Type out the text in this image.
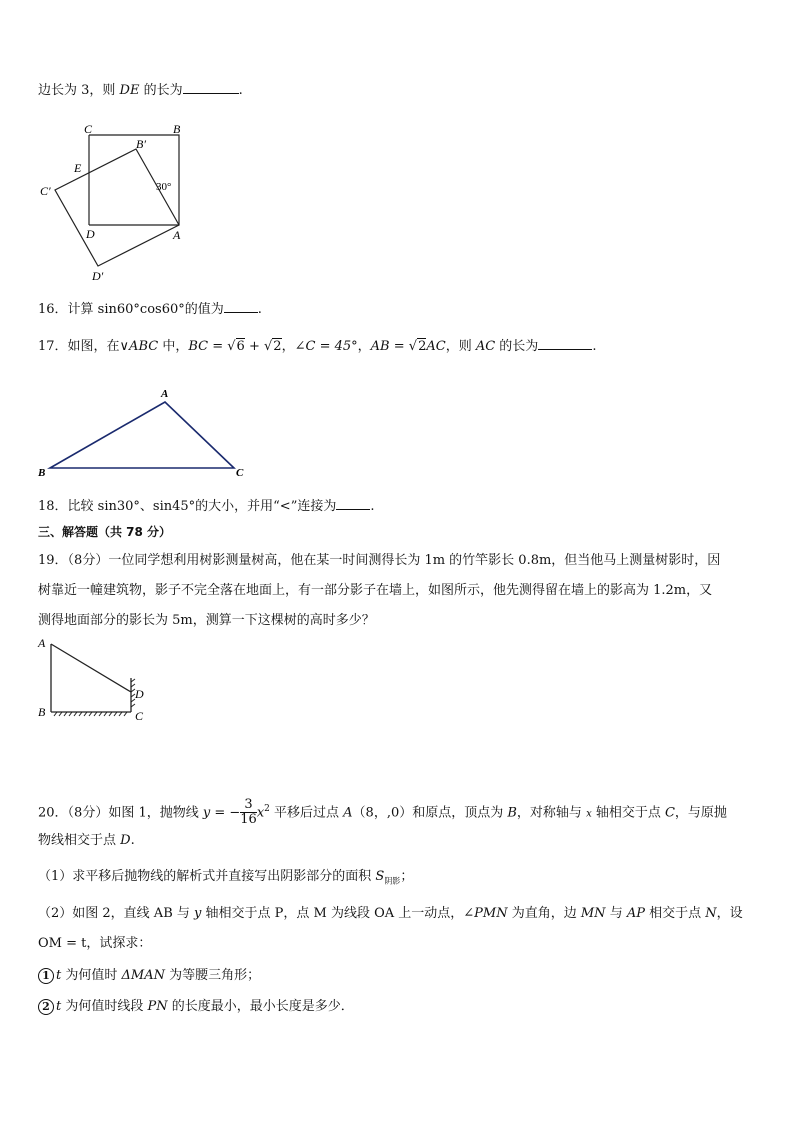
边长为 3，则 DE 的长为	.
C	B
B′
E
30°
C′
D	A
D′
16．计算 sin60°cos60°的值为	.
17．如图，在∨ABC 中，BC = √6 + √2，∠C = 45°，AB = √2AC，则 AC 的长为	.
A
B	C
18．比较 sin30°、sin45°的大小，并用“<”连接为	.
三、解答题（共 78 分）
19．（8分）一位同学想利用树影测量树高，他在某一时间测得长为 1m 的竹竿影长 0.8m，但当他马上测量树影时，因
树靠近一幢建筑物，影子不完全落在地面上，有一部分影子在墙上，如图所示，他先测得留在墙上的影高为 1.2m，又
测得地面部分的影长为 5m，测算一下这棵树的高时多少？
A
B	C
D
20．（8分）如图 1，抛物线 y = − $\frac{3}{16} x^2$ 平移后过点 A（8，,0）和原点，顶点为 B，对称轴与 x 轴相交于点 C，与原抛
物线相交于点 D.
（1）求平移后抛物线的解析式并直接写出阴影部分的面积 $S_{阴影}$；
（2）如图 2，直线 AB 与 y 轴相交于点 P，点 M 为线段 OA 上一动点，∠PMN 为直角，边 MN 与 AP 相交于点 N，设
OM = t，试探求：
1 t 为何值时 ΔMAN 为等腰三角形；
2 t 为何值时线段 PN 的长度最小，最小长度是多少．
